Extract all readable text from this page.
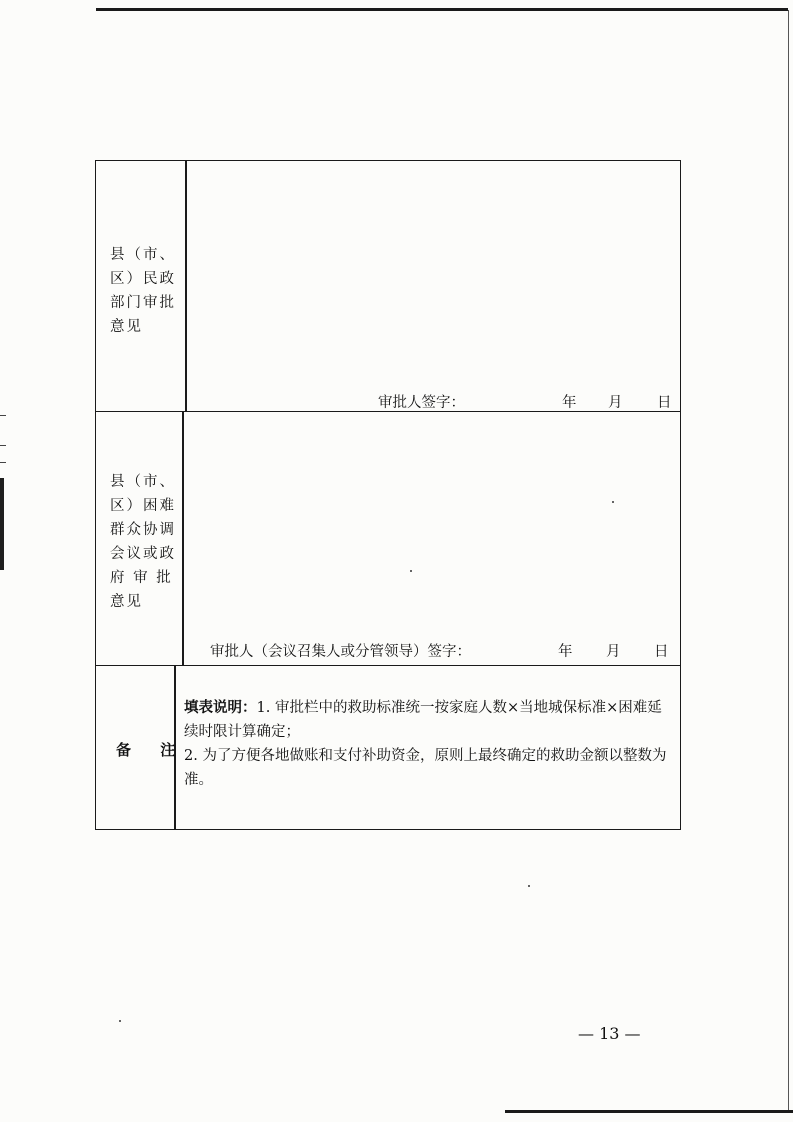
县（市、
区）民政
部门审批
意见
审批人签字：	年 月 日
县（市、
区）困难
群众协调
会议或政
府 审 批
意见
审批人（会议召集人或分管领导）签字：	年 月 日
备 注
填表说明：1. 审批栏中的救助标准统一按家庭人数×当地城保标准×困难延续时限计算确定；
2. 为了方便各地做账和支付补助资金，原则上最终确定的救助金额以整数为准。
— 13 —
